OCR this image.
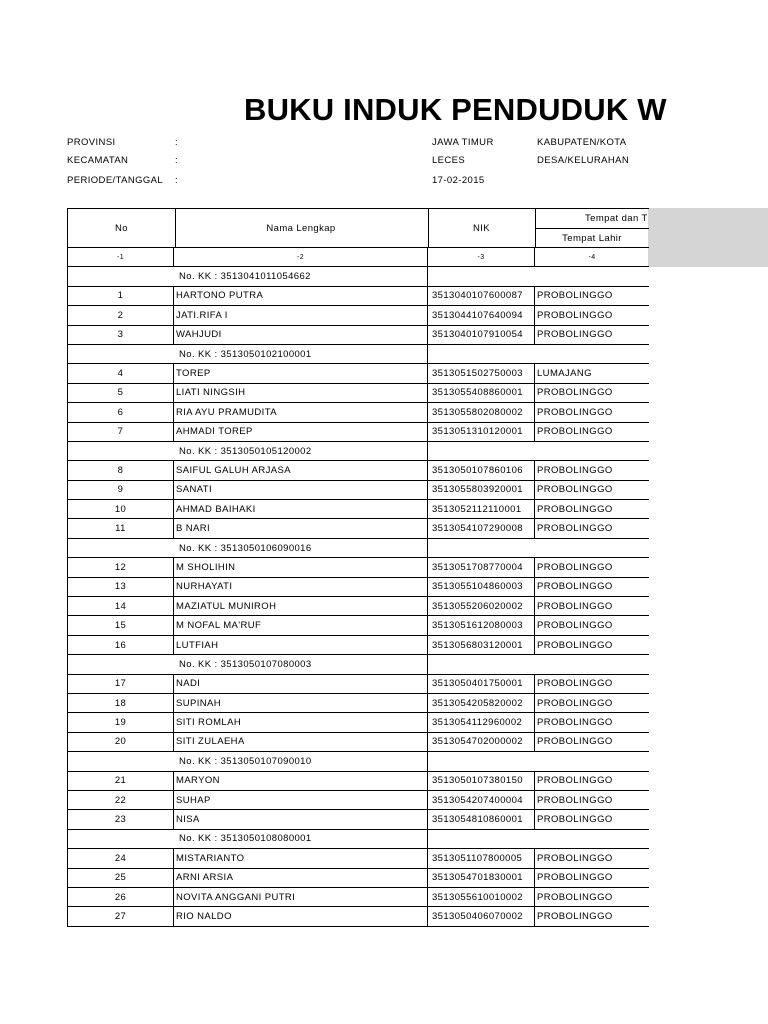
BUKU INDUK PENDUDUK W
PROVINSI	:	JAWA TIMUR	KABUPATEN/KOTA
KECAMATAN	:	LECES	DESA/KELURAHAN
PERIODE/TANGGAL :	17-02-2015
No	Nama Lengkap	NIK
Tempat dan T
Tempat Lahir
-1	-2	-3	-4
No. KK : 3513041011054662
1	HARTONO PUTRA	3513040107600087	PROBOLINGGO
2	JATI.RIFA I	3513044107640094	PROBOLINGGO
3	WAHJUDI	3513040107910054	PROBOLINGGO
No. KK : 3513050102100001
4	TOREP	3513051502750003	LUMAJANG
5	LIATI NINGSIH	3513055408860001	PROBOLINGGO
6	RIA AYU PRAMUDITA	3513055802080002	PROBOLINGGO
7	AHMADI TOREP	3513051310120001	PROBOLINGGO
No. KK : 3513050105120002
8	SAIFUL GALUH ARJASA	3513050107860106	PROBOLINGGO
9	SANATI	3513055803920001	PROBOLINGGO
10	AHMAD BAIHAKI	3513052112110001	PROBOLINGGO
11	B NARI	3513054107290008	PROBOLINGGO
No. KK : 3513050106090016
12	M SHOLIHIN	3513051708770004	PROBOLINGGO
13	NURHAYATI	3513055104860003	PROBOLINGGO
14	MAZIATUL MUNIROH	3513055206020002	PROBOLINGGO
15	M NOFAL MA'RUF	3513051612080003	PROBOLINGGO
16	LUTFIAH	3513056803120001	PROBOLINGGO
No. KK : 3513050107080003
17	NADI	3513050401750001	PROBOLINGGO
18	SUPINAH	3513054205820002	PROBOLINGGO
19	SITI ROMLAH	3513054112960002	PROBOLINGGO
20	SITI ZULAEHA	3513054702000002	PROBOLINGGO
No. KK : 3513050107090010
21	MARYON	3513050107380150	PROBOLINGGO
22	SUHAP	3513054207400004	PROBOLINGGO
23	NISA	3513054810860001	PROBOLINGGO
No. KK : 3513050108080001
24	MISTARIANTO	3513051107800005	PROBOLINGGO
25	ARNI ARSIA	3513054701830001	PROBOLINGGO
26	NOVITA ANGGANI PUTRI	3513055610010002	PROBOLINGGO
27	RIO NALDO	3513050406070002	PROBOLINGGO
